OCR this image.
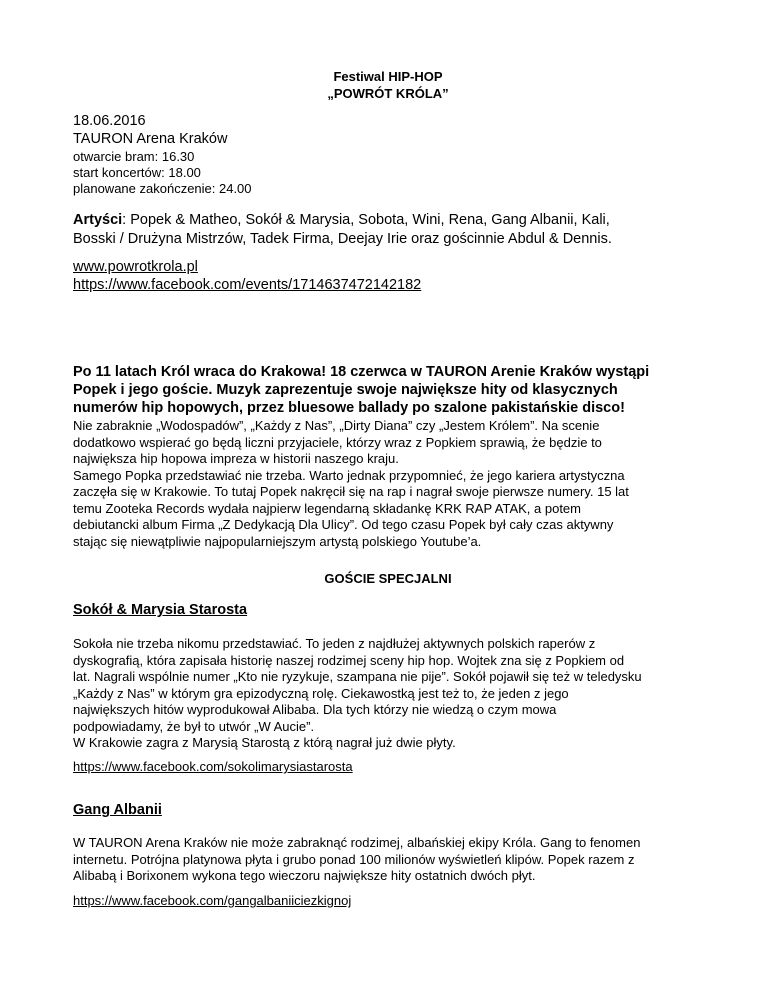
Festiwal HIP-HOP
„POWRÓT KRÓLA”
18.06.2016
TAURON Arena Kraków
otwarcie bram: 16.30
start koncertów: 18.00
planowane zakończenie: 24.00
Artyści: Popek & Matheo, Sokół & Marysia, Sobota, Wini, Rena, Gang Albanii, Kali,
Bosski / Drużyna Mistrzów, Tadek Firma, Deejay Irie oraz gościnnie Abdul & Dennis.
www.powrotkrola.pl
https://www.facebook.com/events/1714637472142182
Po 11 latach Król wraca do Krakowa! 18 czerwca w TAURON Arenie Kraków wystąpi
Popek i jego goście. Muzyk zaprezentuje swoje największe hity od klasycznych
numerów hip hopowych, przez bluesowe ballady po szalone pakistańskie disco!
Nie zabraknie „Wodospadów”, „Każdy z Nas”, „Dirty Diana” czy „Jestem Królem”. Na scenie
dodatkowo wspierać go będą liczni przyjaciele, którzy wraz z Popkiem sprawią, że będzie to
największa hip hopowa impreza w historii naszego kraju.
Samego Popka przedstawiać nie trzeba. Warto jednak przypomnieć, że jego kariera artystyczna
zaczęła się w Krakowie. To tutaj Popek nakręcił się na rap i nagrał swoje pierwsze numery. 15 lat
temu Zooteka Records wydała najpierw legendarną składankę KRK RAP ATAK, a potem
debiutancki album Firma „Z Dedykacją Dla Ulicy”. Od tego czasu Popek był cały czas aktywny
stając się niewątpliwie najpopularniejszym artystą polskiego Youtube’a.
GOŚCIE SPECJALNI
Sokół & Marysia Starosta
Sokoła nie trzeba nikomu przedstawiać. To jeden z najdłużej aktywnych polskich raperów z
dyskografią, która zapisała historię naszej rodzimej sceny hip hop. Wojtek zna się z Popkiem od
lat. Nagrali wspólnie numer „Kto nie ryzykuje, szampana nie pije”. Sokół pojawił się też w teledysku
„Każdy z Nas” w którym gra epizodyczną rolę. Ciekawostką jest też to, że jeden z jego
największych hitów wyprodukował Alibaba. Dla tych którzy nie wiedzą o czym mowa
podpowiadamy, że był to utwór „W Aucie”.
W Krakowie zagra z Marysią Starostą z którą nagrał już dwie płyty.
https://www.facebook.com/sokolimarysiastarosta
Gang Albanii
W TAURON Arena Kraków nie może zabraknąć rodzimej, albańskiej ekipy Króla. Gang to fenomen
internetu. Potrójna platynowa płyta i grubo ponad 100 milionów wyświetleń klipów. Popek razem z
Alibabą i Borixonem wykona tego wieczoru największe hity ostatnich dwóch płyt.
https://www.facebook.com/gangalbaniiciezkignoj
